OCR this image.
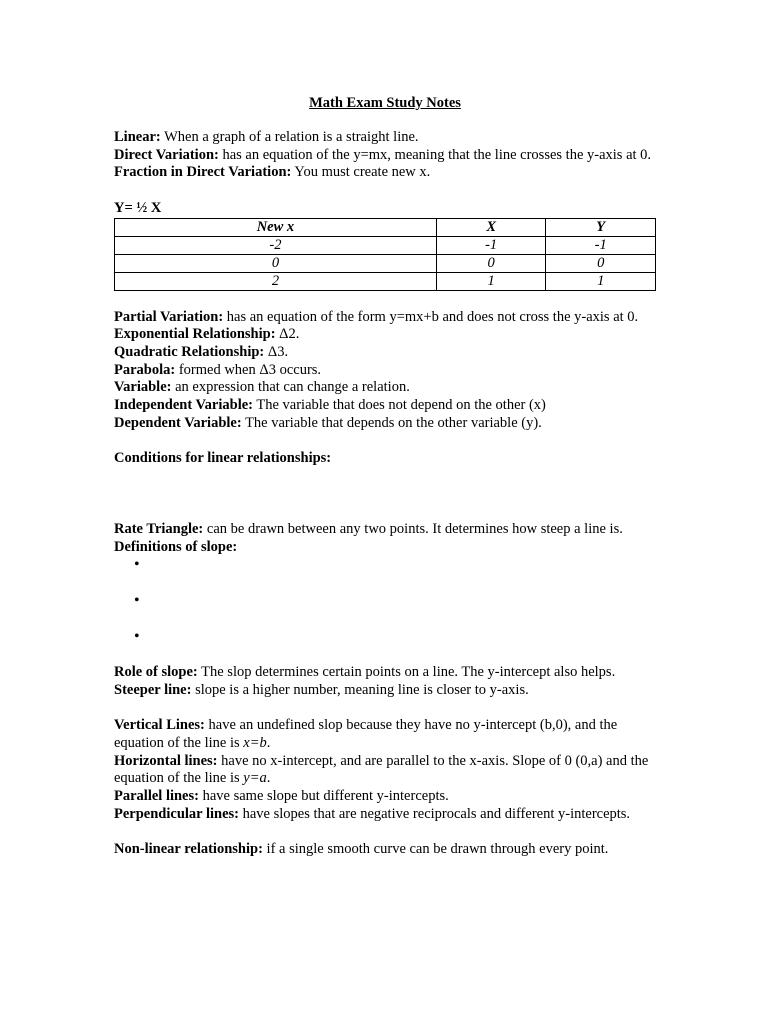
Math Exam Study Notes

Linear: When a graph of a relation is a straight line.

Direct Variation: has an equation of the y=mx, meaning that the line crosses the y-axis at 0.

Fraction in Direct Variation: You must create new x.

Y= ½ X

New x	X	Y
-2	-1	-1
0	0	0
2	1	1

Partial Variation: has an equation of the form y=mx+b and does not cross the y-axis at 0.

Exponential Relationship: Δ2.

Quadratic Relationship: Δ3.

Parabola: formed when Δ3 occurs.

Variable: an expression that can change a relation.

Independent Variable: The variable that does not depend on the other (x)

Dependent Variable: The variable that depends on the other variable (y).

Conditions for linear relationships:

Rate Triangle: can be drawn between any two points. It determines how steep a line is.

Definitions of slope:

•
•
•

Role of slope: The slop determines certain points on a line. The y-intercept also helps.

Steeper line: slope is a higher number, meaning line is closer to y-axis.

Vertical Lines: have an undefined slop because they have no y-intercept (b,0), and the equation of the line is x=b.

Horizontal lines: have no x-intercept, and are parallel to the x-axis. Slope of 0 (0,a) and the equation of the line is y=a.

Parallel lines: have same slope but different y-intercepts.

Perpendicular lines: have slopes that are negative reciprocals and different y-intercepts.

Non-linear relationship: if a single smooth curve can be drawn through every point.
